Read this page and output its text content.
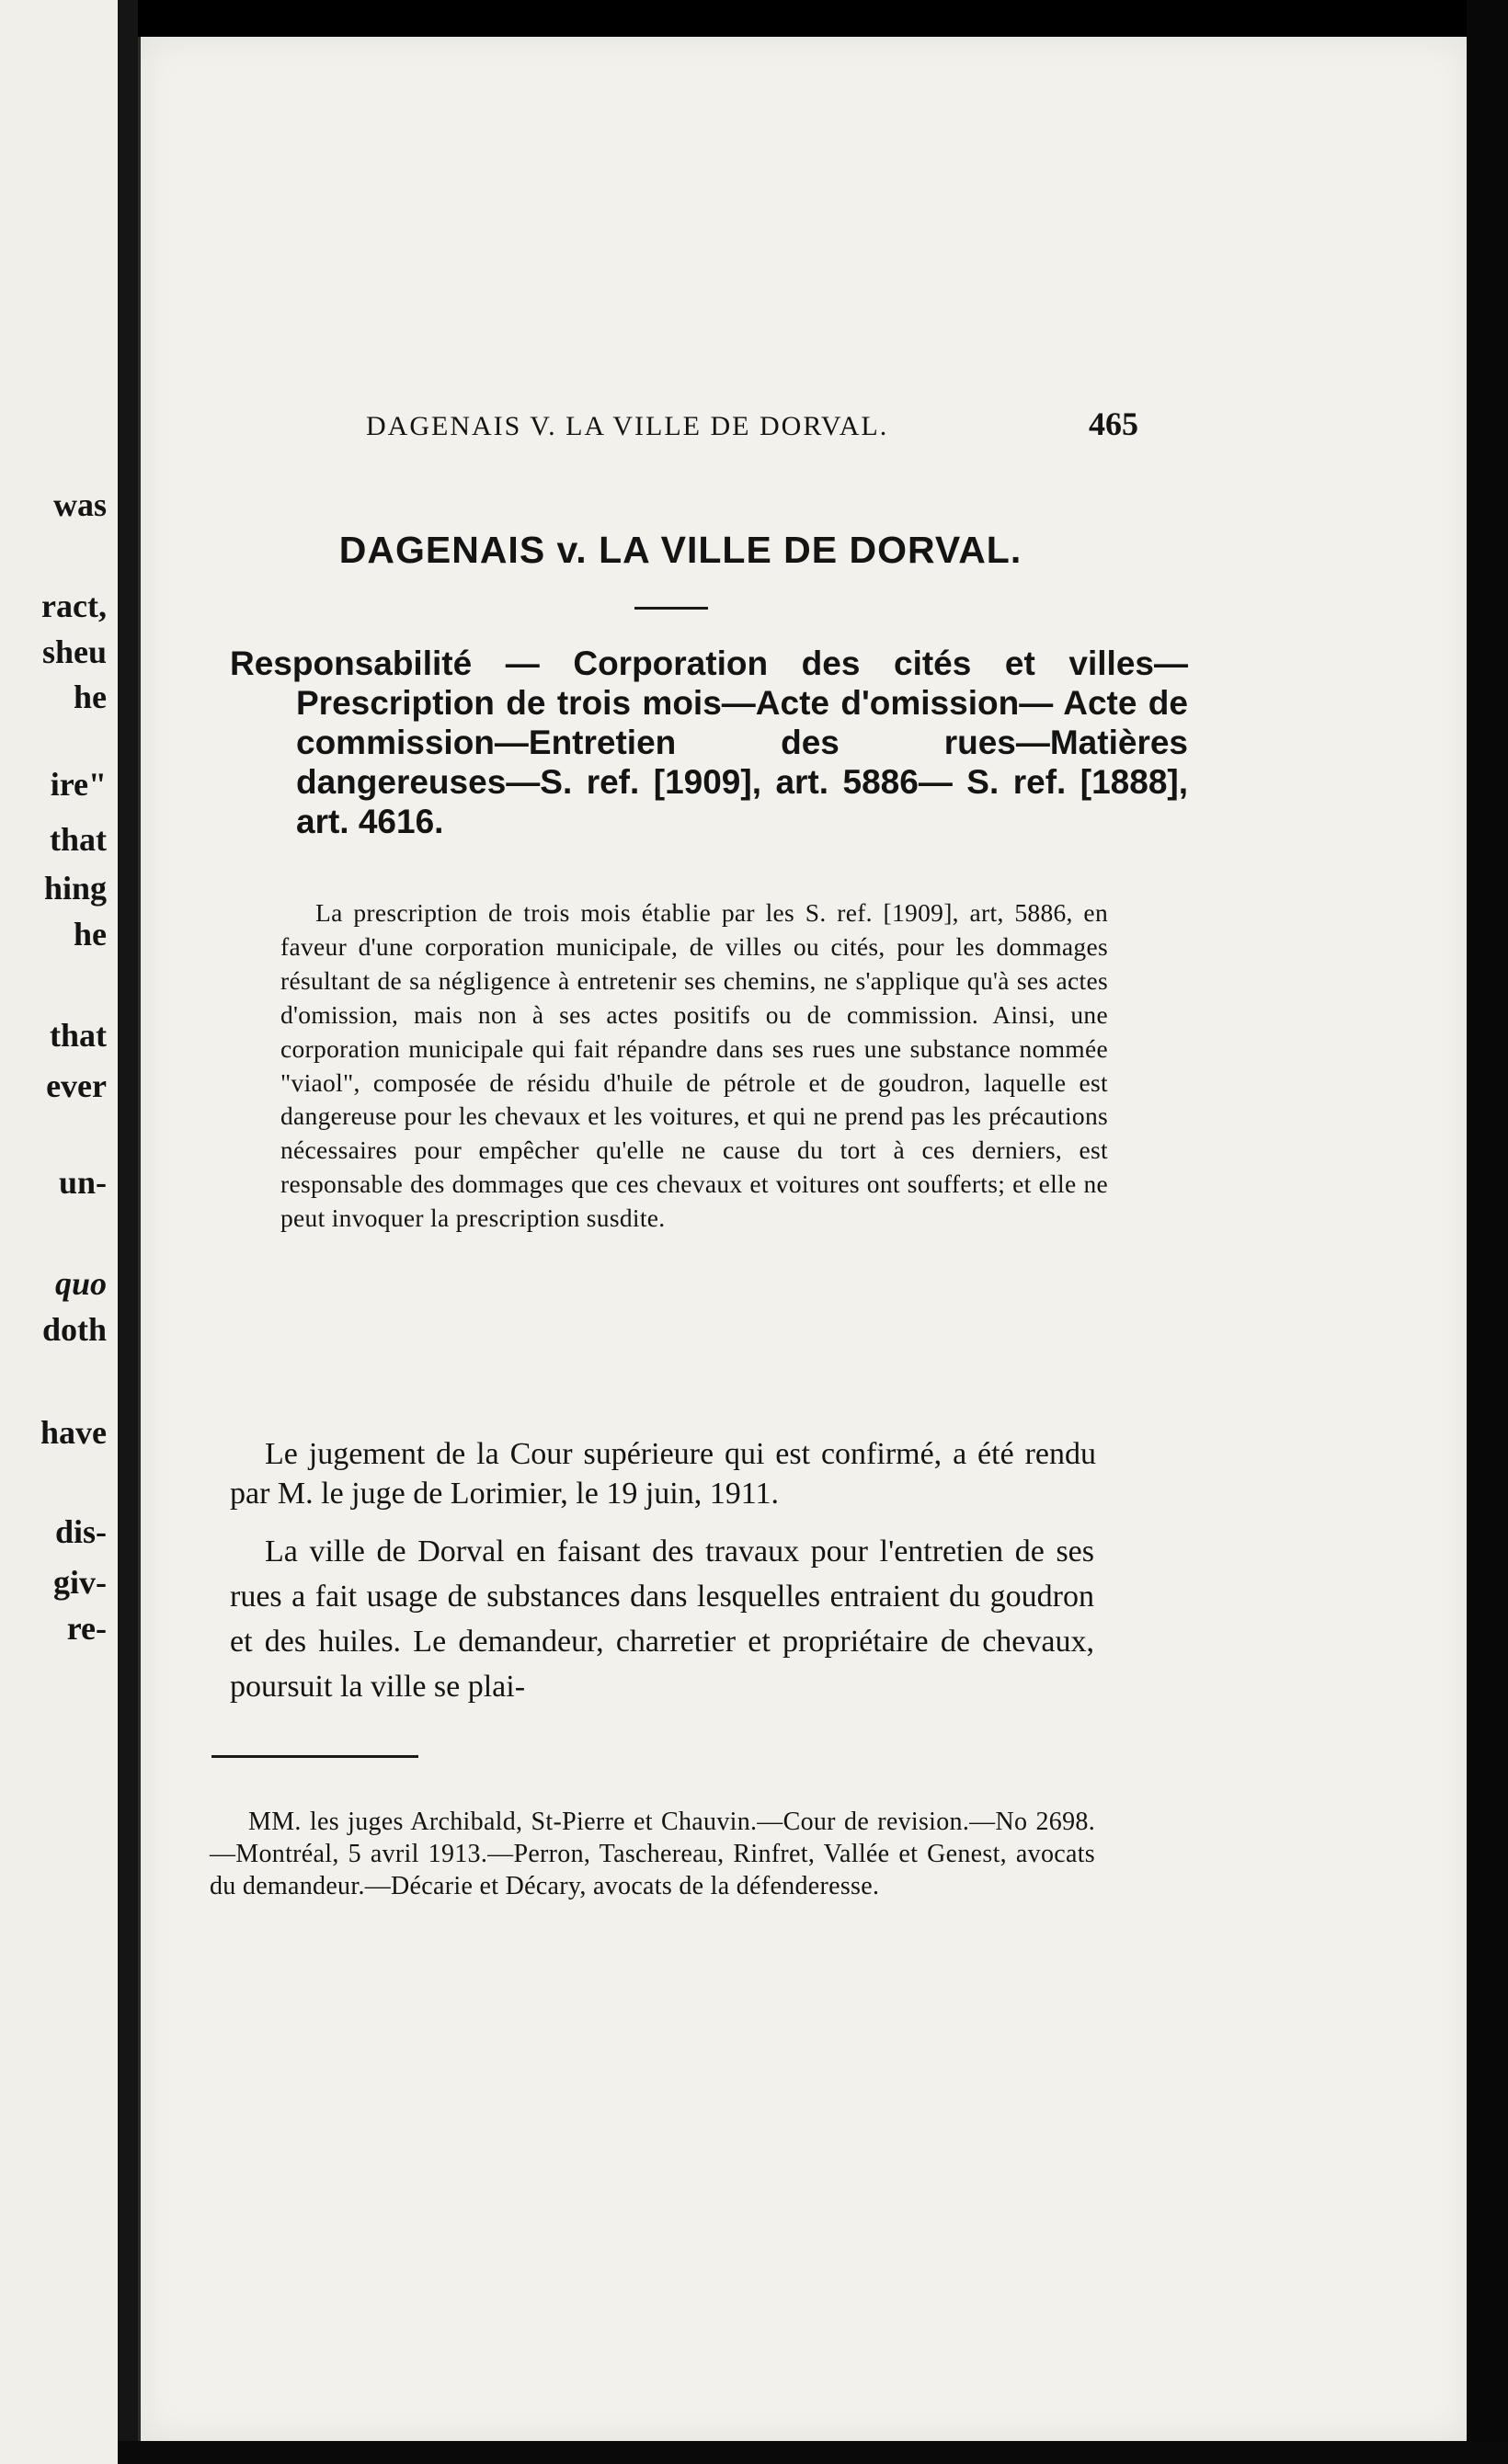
was

ract,

sheu

he

ire"

that

hing

he

that

ever

un-

quo

doth

have

dis-

giv-

re-

DAGENAIS V. LA VILLE DE DORVAL.	465
DAGENAIS v. LA VILLE DE DORVAL.

Responsabilité — Corporation des cités et villes— Prescription de trois mois—Acte d'omission— Acte de commission—Entretien des rues—Matières dangereuses—S. ref. [1909], art. 5886— S. ref. [1888], art. 4616.

La prescription de trois mois établie par les S. ref. [1909], art, 5886, en faveur d'une corporation municipale, de villes ou cités, pour les dommages résultant de sa négligence à entretenir ses chemins, ne s'applique qu'à ses actes d'omission, mais non à ses actes positifs ou de commission. Ainsi, une corporation municipale qui fait répandre dans ses rues une substance nommée "viaol", composée de résidu d'huile de pétrole et de goudron, laquelle est dangereuse pour les chevaux et les voitures, et qui ne prend pas les précautions nécessaires pour empêcher qu'elle ne cause du tort à ces derniers, est responsable des dommages que ces chevaux et voitures ont soufferts; et elle ne peut invoquer la prescription susdite.

Le jugement de la Cour supérieure qui est confirmé, a été rendu par M. le juge de Lorimier, le 19 juin, 1911.

La ville de Dorval en faisant des travaux pour l'entretien de ses rues a fait usage de substances dans lesquelles entraient du goudron et des huiles. Le demandeur, charretier et propriétaire de chevaux, poursuit la ville se plai-

MM. les juges Archibald, St-Pierre et Chauvin.—Cour de revision.—No 2698.—Montréal, 5 avril 1913.—Perron, Taschereau, Rinfret, Vallée et Genest, avocats du demandeur.—Décarie et Décary, avocats de la défenderesse.
